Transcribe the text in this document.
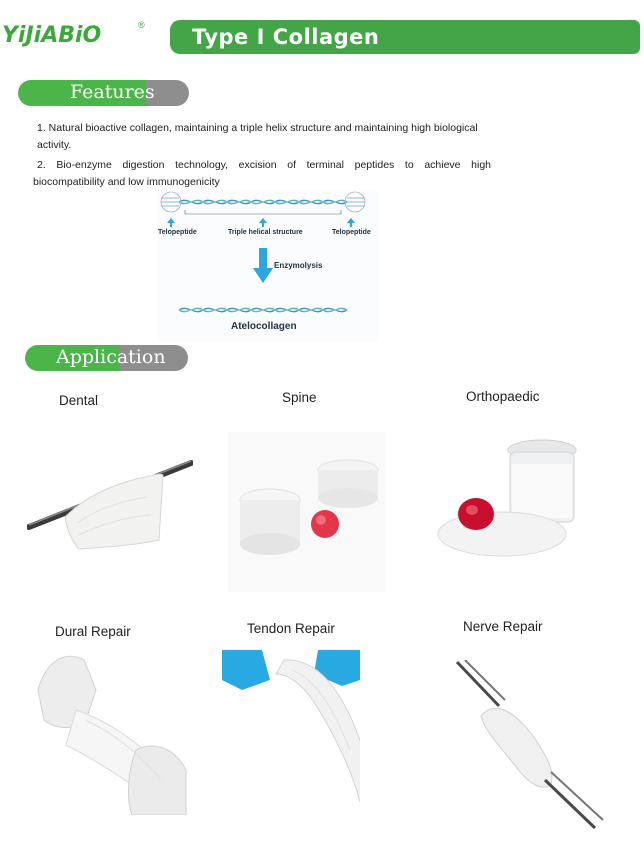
YiJiABiO	® Type I Collagen
Features
1. Natural bioactive collagen, maintaining a triple helix structure and maintaining high biological
activity.
2. Bio-enzyme digestion technology, excision of terminal peptides to achieve high
biocompatibility and low immunogenicity
Telopeptide	Triple helical structure	Telopeptide
Enzymolysis
Atelocollagen
Application
Dental	Spine	Orthopaedic
Dural Repair	Tendon Repair	Nerve Repair
